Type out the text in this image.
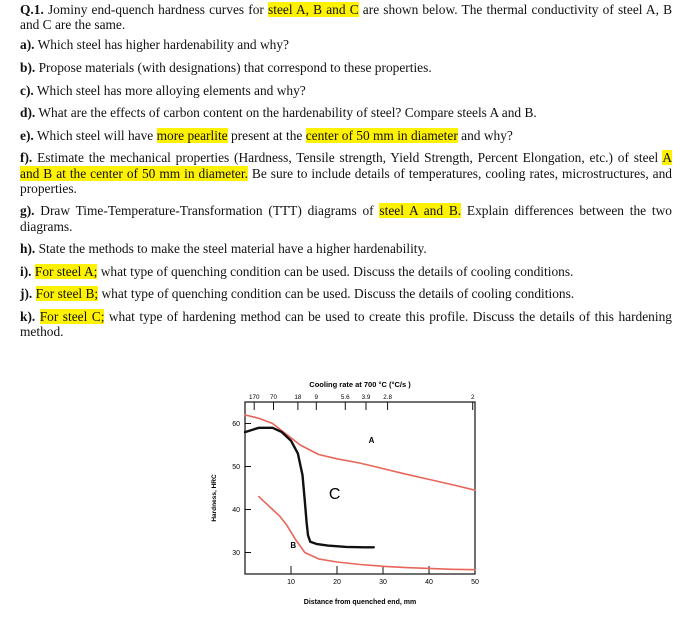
Q.1. Jominy end-quench hardness curves for steel A, B and C are shown below. The thermal conductivity of steel A, B and C are the same.

a). Which steel has higher hardenability and why?

b). Propose materials (with designations) that correspond to these properties.

c). Which steel has more alloying elements and why?

d). What are the effects of carbon content on the hardenability of steel? Compare steels A and B.

e). Which steel will have more pearlite present at the center of 50 mm in diameter and why?

f). Estimate the mechanical properties (Hardness, Tensile strength, Yield Strength, Percent Elongation, etc.) of steel A and B at the center of 50 mm in diameter. Be sure to include details of temperatures, cooling rates, microstructures, and properties.

g). Draw Time-Temperature-Transformation (TTT) diagrams of steel A and B. Explain differences between the two diagrams.

h). State the methods to make the steel material have a higher hardenability.

i). For steel A; what type of quenching condition can be used. Discuss the details of cooling conditions.

j). For steel B; what type of quenching condition can be used. Discuss the details of cooling conditions.

k). For steel C; what type of hardening method can be used to create this profile. Discuss the details of this hardening method.

Cooling rate at 700 °C (°C/s )
170 70	18 9	5.6 3.9 2.8	2
30
40
50
60
10	20	30	40	50
Hardness, HRC
Distance from quenched end, mm
A
B
C
